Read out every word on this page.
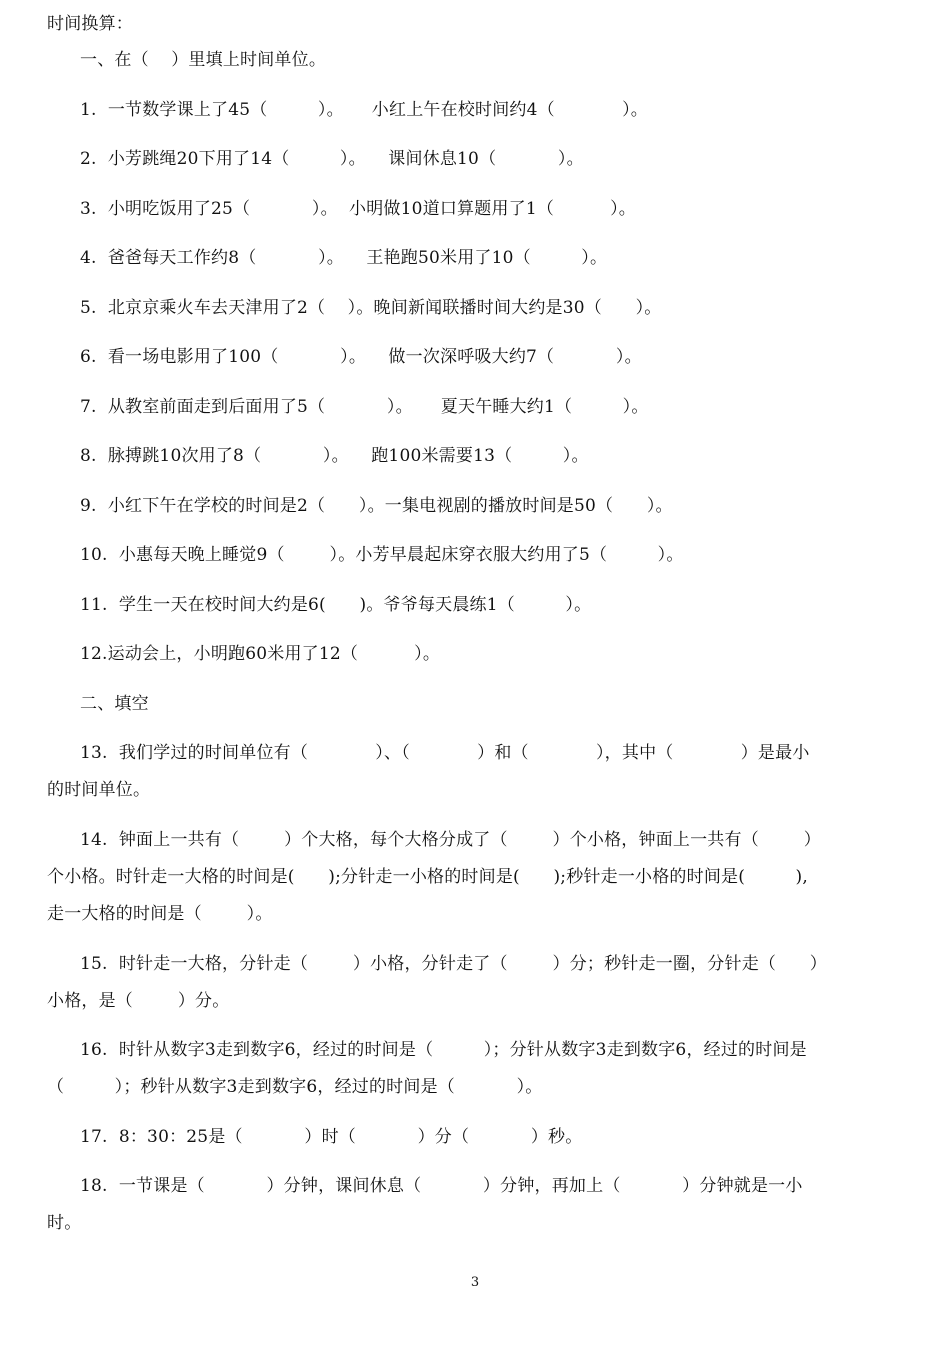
时间换算：
一、在（    ）里填上时间单位。
1.  一节数学课上了45（         ）。     小红上午在校时间约4（            ）。
2.  小芳跳绳20下用了14（         ）。    课间休息10（           ）。
3.  小明吃饭用了25（           ）。  小明做10道口算题用了1（          ）。
4.  爸爸每天工作约8（           ）。    王艳跑50米用了10（         ）。
5.  北京京乘火车去天津用了2（    ）。晚间新闻联播时间大约是30（      ）。
6.  看一场电影用了100（           ）。    做一次深呼吸大约7（           ）。
7.  从教室前面走到后面用了5（           ）。     夏天午睡大约1（         ）。
8.  脉搏跳10次用了8（           ）。    跑100米需要13（         ）。
9.  小红下午在学校的时间是2（      ）。一集电视剧的播放时间是50（      ）。
10.  小惠每天晚上睡觉9（        ）。小芳早晨起床穿衣服大约用了5（         ）。
11.  学生一天在校时间大约是6(      )。爷爷每天晨练1（         ）。
12.运动会上，小明跑60米用了12（          ）。
二、填空
13.  我们学过的时间单位有（            ）、（            ）和（            ），其中（            ）是最小
的时间单位。
14.  钟面上一共有（        ）个大格，每个大格分成了（        ）个小格，钟面上一共有（        ）
个小格。时针走一大格的时间是(      );分针走一小格的时间是(      );秒针走一小格的时间是(         ),
走一大格的时间是（        ）。
15.  时针走一大格，分针走（        ）小格，分针走了（        ）分；秒针走一圈，分针走（      ）
小格，是（        ）分。
16.  时针从数字3走到数字6，经过的时间是（         ）；分针从数字3走到数字6，经过的时间是
（         ）；秒针从数字3走到数字6，经过的时间是（           ）。
17.  8：30：25是（           ）时（           ）分（           ）秒。
18.  一节课是（           ）分钟，课间休息（           ）分钟，再加上（           ）分钟就是一小
时。
3
